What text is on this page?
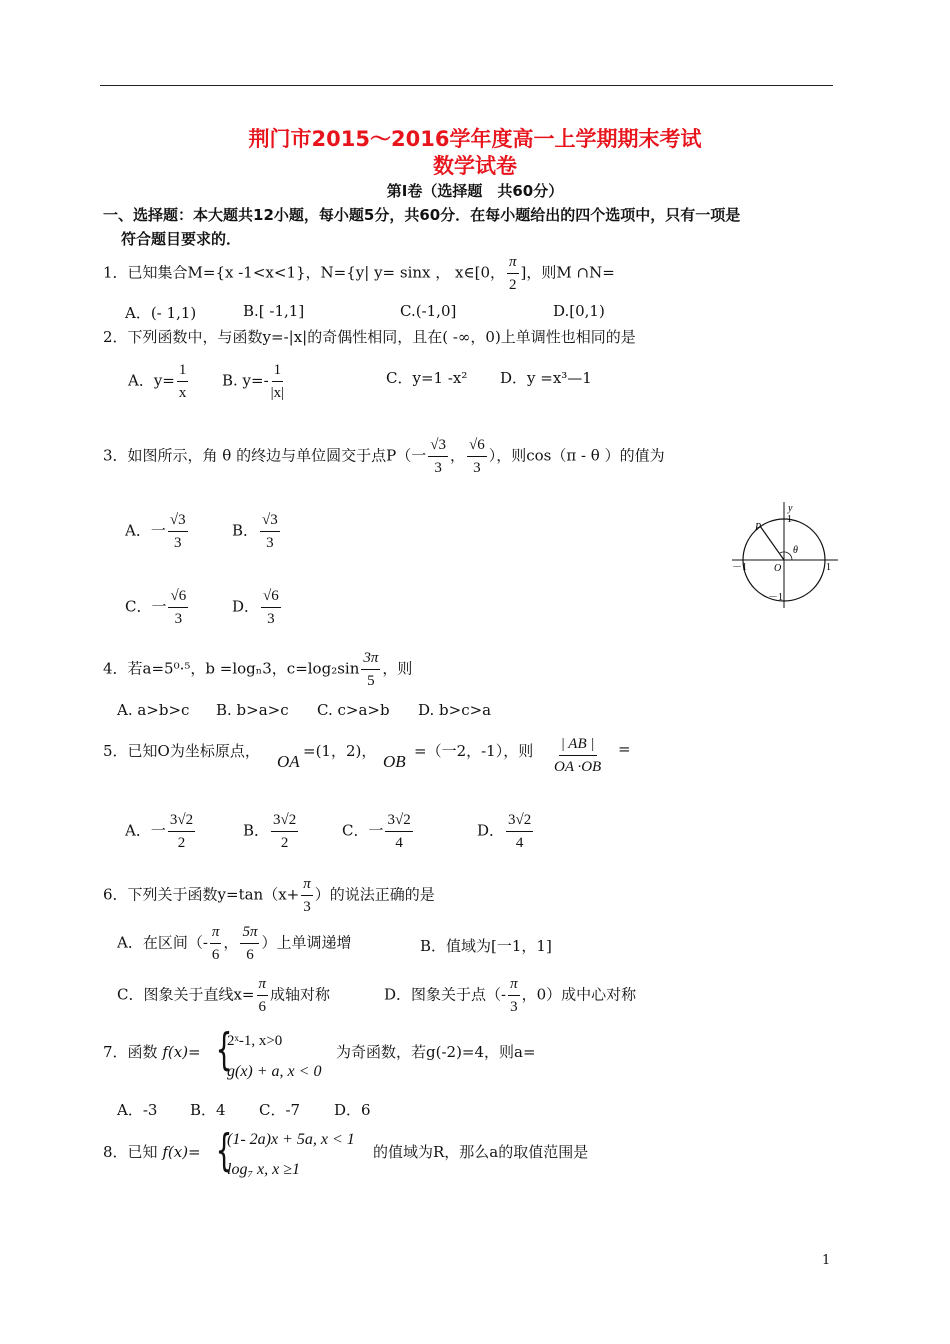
荆门市2015～2016学年度高一上学期期末考试
数学试卷
第Ⅰ卷（选择题　共60分）
一、选择题：本大题共12小题，每小题5分，共60分．在每小题给出的四个选项中，只有一项是
符合题目要求的．
1．已知集合M={x -1<x<1}，N={y| y= sinx ， x∈[0， $\frac{\pi}{2}$ ]，则M ∩N=
A．(- 1,1)	B.[ -1,1]	C.(-1,0]	D.[0,1)
2．下列函数中，与函数y=-|x|的奇偶性相同，且在( -∞，0)上单调性也相同的是
A．$y= \frac{1}{x} B$. $y=- \frac{1}{|x|}$	C．y=1 -x² D．y =x³—1
3．如图所示，角 θ 的终边与单位圆交于点P（一 $\frac{√3}{3}$ ， $\frac{√6}{3}$ ），则cos（π - θ ）的值为
A．一 $\frac{√3}{3}$	B． $\frac{√3}{3}$
C．一 $\frac{√6}{3}$	D． $\frac{√6}{3}$
y
P
θ
O
－1	1
1
－1
4．若a=5⁰·⁵，b =logₙ3，$c=\log_2\sin \frac{3\pi}{5}$ ，则
A. a>b>c B. b>a>c C. c>a>b D. b>c>a
5．已知O为坐标原点，
OA
=(1，2)，
OB
=（一2，-1），则 $\frac{| AB |}{OA \cdot OB}$ =
A．一 $\frac{3√2}{2}$	B． $\frac{3√2}{2}$	C．一 $\frac{3√2}{4}$	D． $\frac{3√2}{4}$
6．下列关于函数$y=\tan(x+ \frac{\pi}{3}$ ）的说法正确的是
A．在区间（- $\frac{\pi}{6}$ ， $\frac{5\pi}{6}$ ）上单调递增	B．值域为[一1，1]
C．图象关于直线$x= \frac{\pi}{6}$ 成轴对称	D．图象关于点（- $\frac{\pi}{3}$ ，0）成中心对称
7．函数 f(x)= {
2ˣ-1, x>0
g(x) + a, x < 0
为奇函数，若g(-2)=4，则a=
A．-3 B．4 C．-7 D．6
8．已知 f(x)= {
(1- 2a)x + 5a, x < 1
log₇ x, x ≥1
的值域为R，那么a的取值范围是
1
